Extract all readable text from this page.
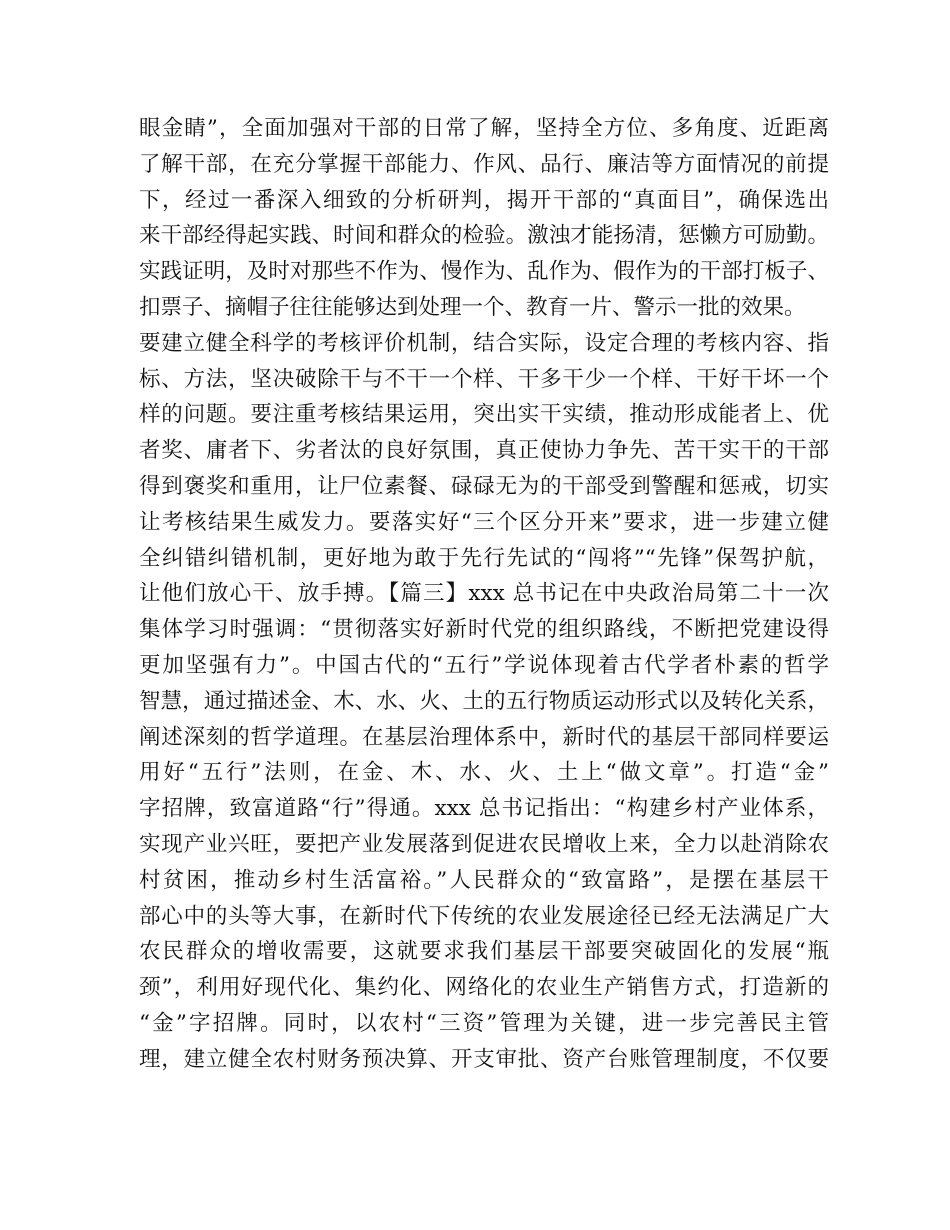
眼金睛”，全面加强对干部的日常了解，坚持全方位、多角度、近距离
了解干部，在充分掌握干部能力、作风、品行、廉洁等方面情况的前提
下，经过一番深入细致的分析研判，揭开干部的“真面目”，确保选出
来干部经得起实践、时间和群众的检验。激浊才能扬清，惩懒方可励勤。
实践证明，及时对那些不作为、慢作为、乱作为、假作为的干部打板子、
扣票子、摘帽子往往能够达到处理一个、教育一片、警示一批的效果。
要建立健全科学的考核评价机制，结合实际，设定合理的考核内容、指
标、方法，坚决破除干与不干一个样、干多干少一个样、干好干坏一个
样的问题。要注重考核结果运用，突出实干实绩，推动形成能者上、优
者奖、庸者下、劣者汰的良好氛围，真正使协力争先、苦干实干的干部
得到褒奖和重用，让尸位素餐、碌碌无为的干部受到警醒和惩戒，切实
让考核结果生威发力。要落实好“三个区分开来”要求，进一步建立健
全纠错纠错机制，更好地为敢于先行先试的“闯将”“先锋”保驾护航，
让他们放心干、放手搏。【篇三】xxx 总书记在中央政治局第二十一次
集体学习时强调：“贯彻落实好新时代党的组织路线，不断把党建设得
更加坚强有力”。中国古代的“五行”学说体现着古代学者朴素的哲学
智慧，通过描述金、木、水、火、土的五行物质运动形式以及转化关系，
阐述深刻的哲学道理。在基层治理体系中，新时代的基层干部同样要运
用好“五行”法则，在金、木、水、火、土上“做文章”。打造“金”
字招牌，致富道路“行”得通。xxx 总书记指出：“构建乡村产业体系，
实现产业兴旺，要把产业发展落到促进农民增收上来，全力以赴消除农
村贫困，推动乡村生活富裕。”人民群众的“致富路”，是摆在基层干
部心中的头等大事，在新时代下传统的农业发展途径已经无法满足广大
农民群众的增收需要，这就要求我们基层干部要突破固化的发展“瓶
颈”，利用好现代化、集约化、网络化的农业生产销售方式，打造新的
“金”字招牌。同时，以农村“三资”管理为关键，进一步完善民主管
理，建立健全农村财务预决算、开支审批、资产台账管理制度，不仅要
